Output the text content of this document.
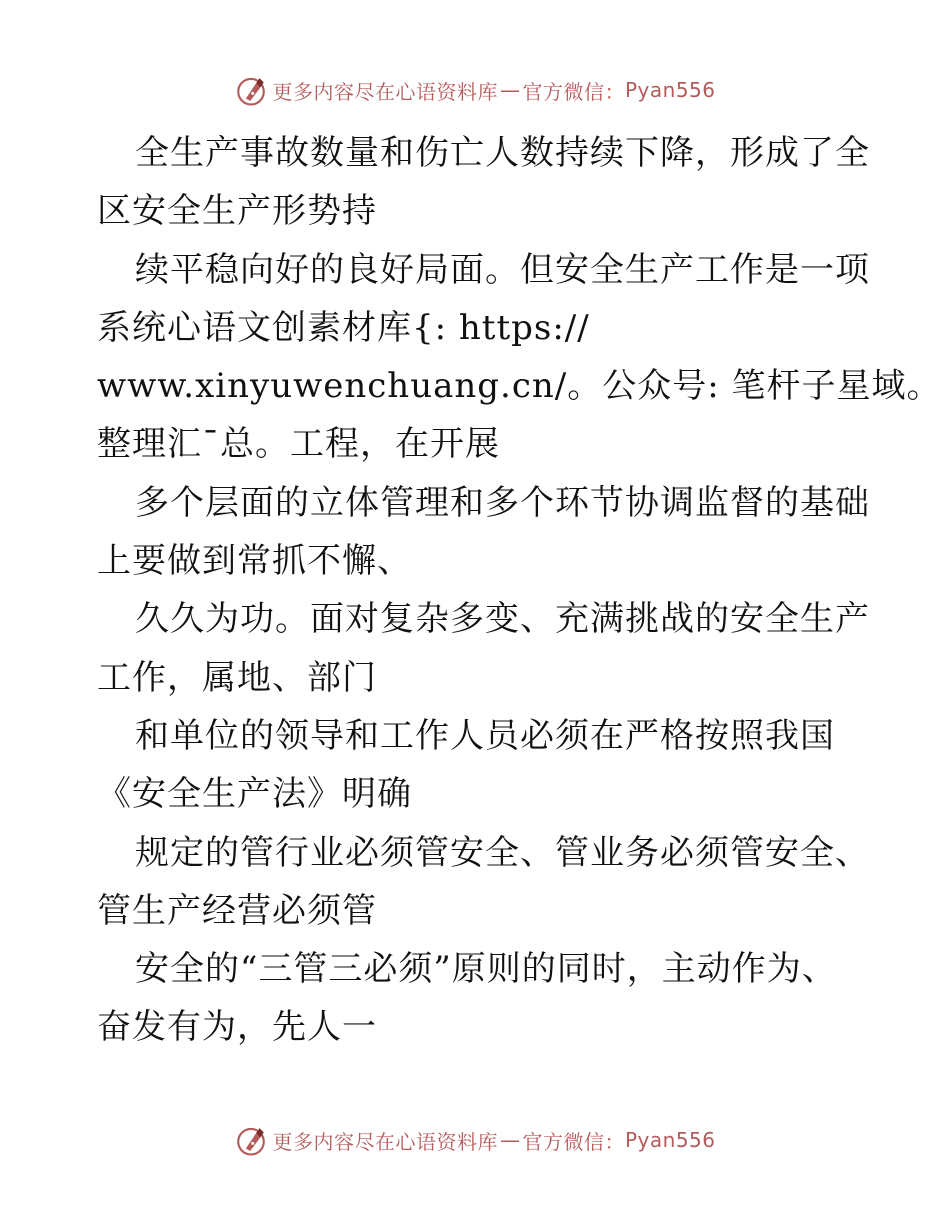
更多内容尽在心语资料库 — 官方微信： Pyan556
全生产事故数量和伤亡人数持续下降，形成了全
区安全生产形势持
续平稳向好的良好局面。但安全生产工作是一项
系统心语文创素材库{: https://
www.xinyuwenchuang.cn/。公众号: 笔杆子星域。
整理汇¯总。工程，在开展
多个层面的立体管理和多个环节协调监督的基础
上要做到常抓不懈、
久久为功。面对复杂多变、充满挑战的安全生产
工作，属地、部门
和单位的领导和工作人员必须在严格按照我国
《安全生产法》明确
规定的管行业必须管安全、管业务必须管安全、
管生产经营必须管
安全的“三管三必须”原则的同时，主动作为、
奋发有为，先人一
更多内容尽在心语资料库 — 官方微信： Pyan556
